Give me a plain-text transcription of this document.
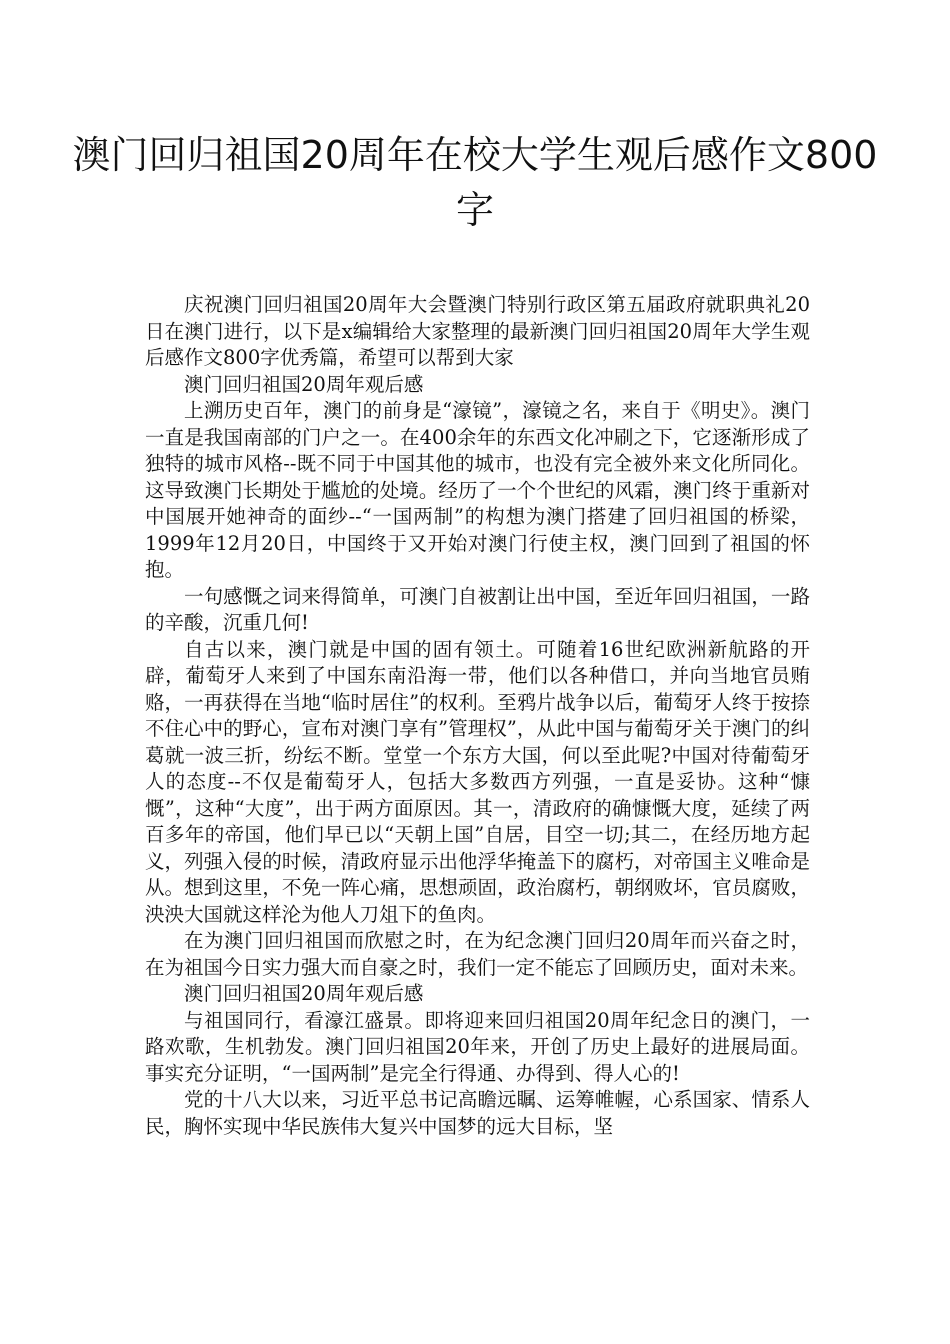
澳门回归祖国20周年在校大学生观后感作文800字

庆祝澳门回归祖国20周年大会暨澳门特别行政区第五届政府就职典礼20日在澳门进行，以下是x编辑给大家整理的最新澳门回归祖国20周年大学生观后感作文800字优秀篇，希望可以帮到大家

澳门回归祖国20周年观后感

上溯历史百年，澳门的前身是“濠镜”，濠镜之名，来自于《明史》。澳门一直是我国南部的门户之一。在400余年的东西文化冲刷之下，它逐渐形成了独特的城市风格--既不同于中国其他的城市，也没有完全被外来文化所同化。这导致澳门长期处于尴尬的处境。经历了一个个世纪的风霜，澳门终于重新对中国展开她神奇的面纱--“一国两制”的构想为澳门搭建了回归祖国的桥梁，1999年12月20日，中国终于又开始对澳门行使主权，澳门回到了祖国的怀抱。

一句感慨之词来得简单，可澳门自被割让出中国，至近年回归祖国，一路的辛酸，沉重几何!

自古以来，澳门就是中国的固有领土。可随着16世纪欧洲新航路的开辟，葡萄牙人来到了中国东南沿海一带，他们以各种借口，并向当地官员贿赂，一再获得在当地“临时居住”的权利。至鸦片战争以后，葡萄牙人终于按捺不住心中的野心，宣布对澳门享有”管理权”，从此中国与葡萄牙关于澳门的纠葛就一波三折，纷纭不断。堂堂一个东方大国，何以至此呢?中国对待葡萄牙人的态度--不仅是葡萄牙人，包括大多数西方列强，一直是妥协。这种“慷慨”，这种“大度”，出于两方面原因。其一，清政府的确慷慨大度，延续了两百多年的帝国，他们早已以“天朝上国”自居，目空一切;其二，在经历地方起义，列强入侵的时候，清政府显示出他浮华掩盖下的腐朽，对帝国主义唯命是从。想到这里，不免一阵心痛，思想顽固，政治腐朽，朝纲败坏，官员腐败，泱泱大国就这样沦为他人刀俎下的鱼肉。

在为澳门回归祖国而欣慰之时，在为纪念澳门回归20周年而兴奋之时，在为祖国今日实力强大而自豪之时，我们一定不能忘了回顾历史，面对未来。

澳门回归祖国20周年观后感

与祖国同行，看濠江盛景。即将迎来回归祖国20周年纪念日的澳门，一路欢歌，生机勃发。澳门回归祖国20年来，开创了历史上最好的进展局面。事实充分证明，“一国两制”是完全行得通、办得到、得人心的!

党的十八大以来，习近平总书记高瞻远瞩、运筹帷幄，心系国家、情系人民，胸怀实现中华民族伟大复兴中国梦的远大目标，坚
